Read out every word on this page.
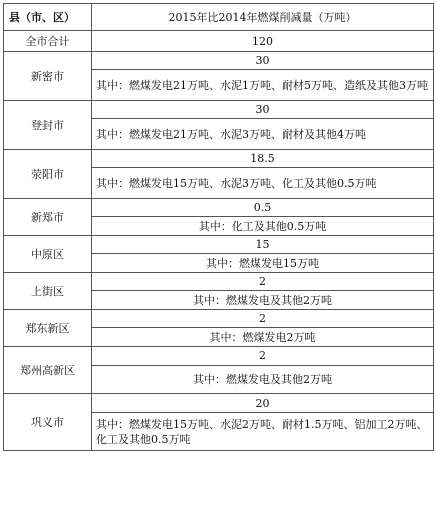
县（市、区）	2015年比2014年燃煤削减量（万吨）
全市合计	120
新密市	30
	其中：燃煤发电21万吨、水泥1万吨、耐材5万吨、造纸及其他3万吨
登封市	30
	其中：燃煤发电21万吨、水泥3万吨、耐材及其他4万吨
荥阳市	18.5
	其中：燃煤发电15万吨、水泥3万吨、化工及其他0.5万吨
新郑市	0.5
	其中：化工及其他0.5万吨
中原区	15
	其中：燃煤发电15万吨
上街区	2
	其中：燃煤发电及其他2万吨
郑东新区	2
	其中：燃煤发电2万吨
郑州高新区	2
	其中：燃煤发电及其他2万吨
巩义市	20
	其中：燃煤发电15万吨、水泥2万吨、耐材1.5万吨、铝加工2万吨、化工及其他0.5万吨
